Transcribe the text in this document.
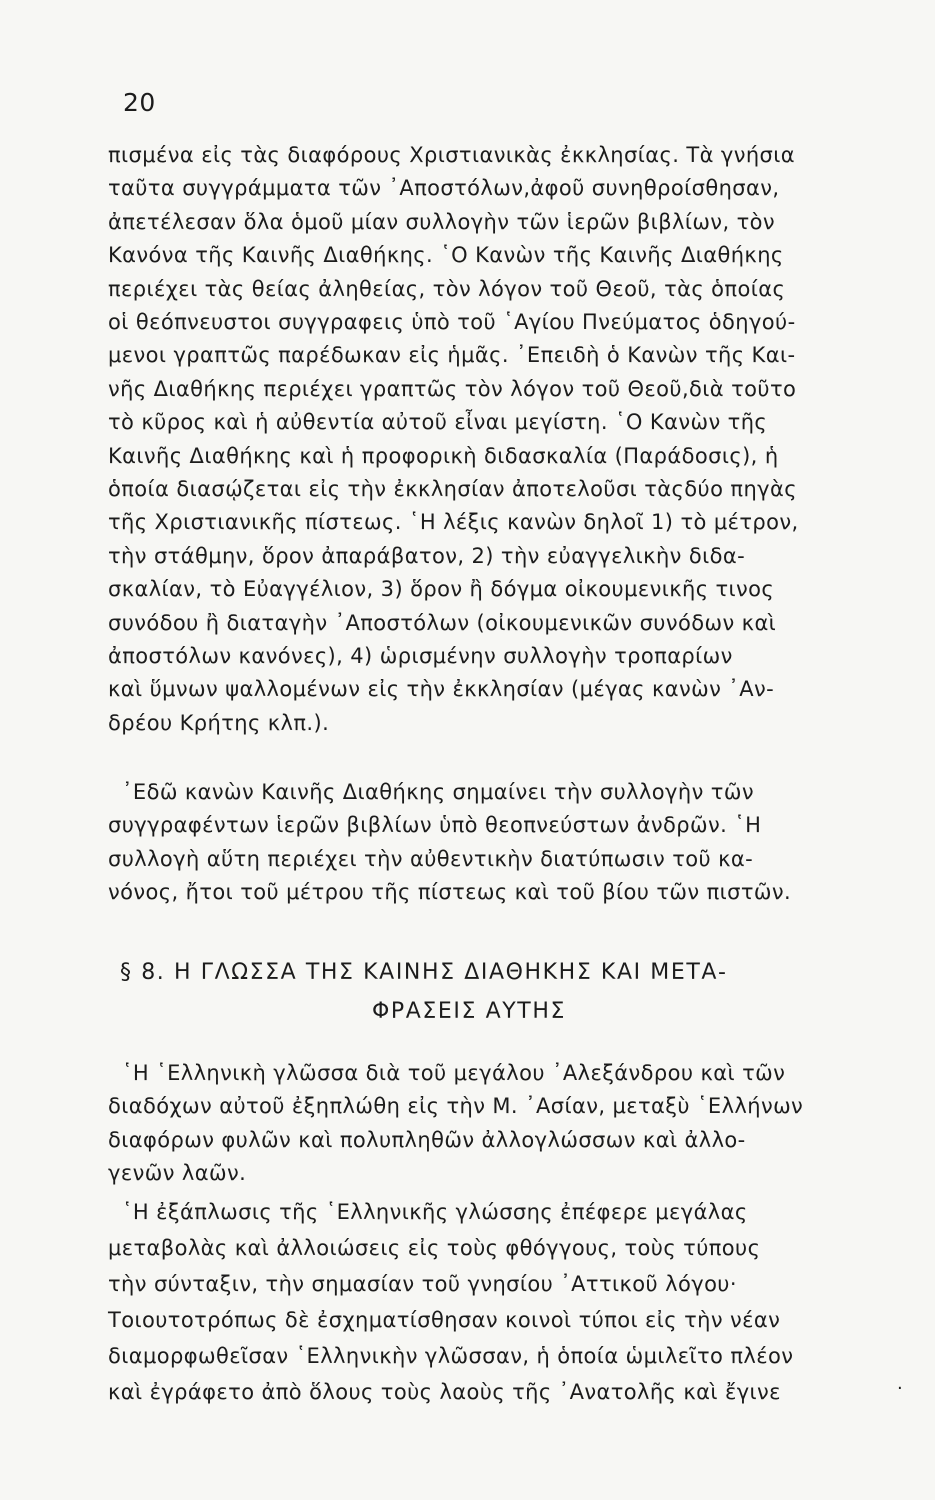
20
πισμένα εἰς τὰς διαφόρους Χριστιανικὰς ἐκκλησίας. Τὰ γνήσια
ταῦτα συγγράμματα τῶν ᾿Αποστόλων,ἀφοῦ συνηθροίσθησαν,
ἀπετέλεσαν ὅλα ὁμοῦ μίαν συλλογὴν τῶν ἱερῶν βιβλίων, τὸν
Κανόνα τῆς Καινῆς Διαθήκης. ῾Ο Κανὼν τῆς Καινῆς Διαθήκης
περιέχει τὰς θείας ἀληθείας, τὸν λόγον τοῦ Θεοῦ, τὰς ὁποίας
οἱ θεόπνευστοι συγγραφεις ὑπὸ τοῦ ῾Αγίου Πνεύματος ὁδηγού-
μενοι γραπτῶς παρέδωκαν εἰς ἡμᾶς. ᾿Επειδὴ ὁ Κανὼν τῆς Και-
νῆς Διαθήκης περιέχει γραπτῶς τὸν λόγον τοῦ Θεοῦ,διὰ τοῦτο
τὸ κῦρος καὶ ἡ αὐθεντία αὐτοῦ εἶναι μεγίστη. ῾Ο Κανὼν τῆς
Καινῆς Διαθήκης καὶ ἡ προφορικὴ διδασκαλία (Παράδοσις), ἡ
ὁποία διασῴζεται εἰς τὴν ἐκκλησίαν ἀποτελοῦσι τὰςδύο πηγὰς
τῆς Χριστιανικῆς πίστεως. ῾Η λέξις κανὼν δηλοῖ 1) τὸ μέτρον,
τὴν στάθμην, ὅρον ἀπαράβατον, 2) τὴν εὐαγγελικὴν διδα-
σκαλίαν, τὸ Εὐαγγέλιον, 3) ὅρον ἢ δόγμα οἰκουμενικῆς τινος
συνόδου ἢ διαταγὴν ᾿Αποστόλων (οἰκουμενικῶν συνόδων καὶ
ἀποστόλων κανόνες), 4) ὡρισμένην συλλογὴν τροπαρίων
καὶ ὕμνων ψαλλομένων εἰς τὴν ἐκκλησίαν (μέγας κανὼν ᾿Αν-
δρέου Κρήτης κλπ.).
᾿Εδῶ κανὼν Καινῆς Διαθήκης σημαίνει τὴν συλλογὴν τῶν
συγγραφέντων ἱερῶν βιβλίων ὑπὸ θεοπνεύστων ἀνδρῶν. ῾Η
συλλογὴ αὕτη περιέχει τὴν αὐθεντικὴν διατύπωσιν τοῦ κα-
νόνος, ἤτοι τοῦ μέτρου τῆς πίστεως καὶ τοῦ βίου τῶν πιστῶν.
§ 8. Η ΓΛΩΣΣΑ ΤΗΣ ΚΑΙΝΗΣ ΔΙΑΘΗΚΗΣ ΚΑΙ ΜΕΤΑ-
ΦΡΑΣΕΙΣ ΑΥΤΗΣ
῾Η ῾Ελληνικὴ γλῶσσα διὰ τοῦ μεγάλου ᾿Αλεξάνδρου καὶ τῶν
διαδόχων αὐτοῦ ἐξηπλώθη εἰς τὴν Μ. ᾿Ασίαν, μεταξὺ ῾Ελλήνων
διαφόρων φυλῶν καὶ πολυπληθῶν ἀλλογλώσσων καὶ ἀλλο-
γενῶν λαῶν.
῾Η ἐξάπλωσις τῆς ῾Ελληνικῆς γλώσσης ἐπέφερε μεγάλας
μεταβολὰς καὶ ἀλλοιώσεις εἰς τοὺς φθόγγους, τοὺς τύπους
τὴν σύνταξιν, τὴν σημασίαν τοῦ γνησίου ᾿Αττικοῦ λόγου·
Τοιουτοτρόπως δὲ ἐσχηματίσθησαν κοινοὶ τύποι εἰς τὴν νέαν
διαμορφωθεῖσαν ῾Ελληνικὴν γλῶσσαν, ἡ ὁποία ὡμιλεῖτο πλέον
καὶ ἐγράφετο ἀπὸ ὅλους τοὺς λαοὺς τῆς ᾿Ανατολῆς καὶ ἔγινε	·
